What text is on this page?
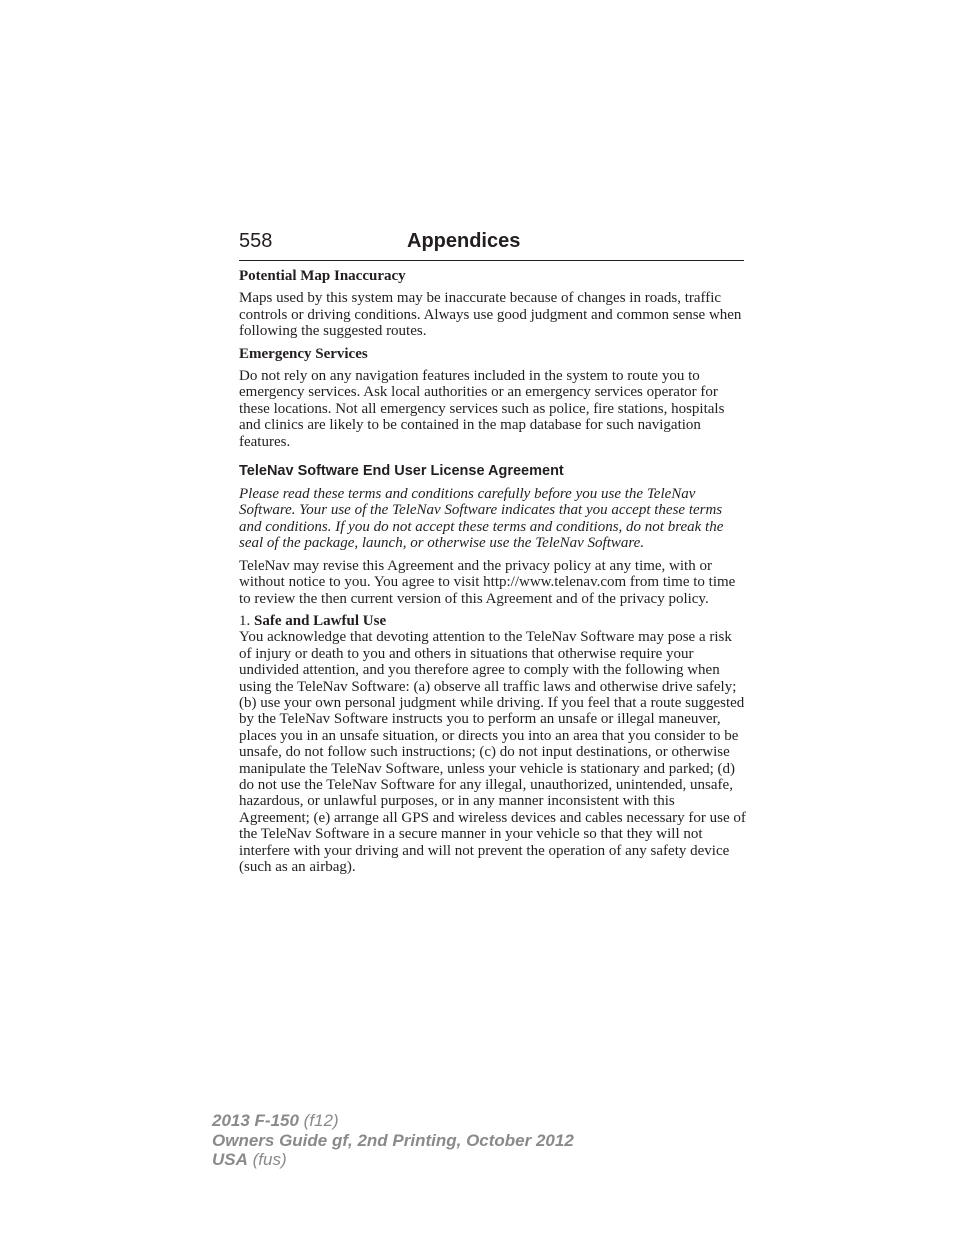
558	Appendices
Potential Map Inaccuracy

Maps used by this system may be inaccurate because of changes in roads, traffic controls or driving conditions. Always use good judgment and common sense when following the suggested routes.

Emergency Services

Do not rely on any navigation features included in the system to route you to emergency services. Ask local authorities or an emergency services operator for these locations. Not all emergency services such as police, fire stations, hospitals and clinics are likely to be contained in the map database for such navigation features.

TeleNav Software End User License Agreement

Please read these terms and conditions carefully before you use the TeleNav Software. Your use of the TeleNav Software indicates that you accept these terms and conditions. If you do not accept these terms and conditions, do not break the seal of the package, launch, or otherwise use the TeleNav Software.

TeleNav may revise this Agreement and the privacy policy at any time, with or without notice to you. You agree to visit http://www.telenav.com from time to time to review the then current version of this Agreement and of the privacy policy.

1. Safe and Lawful Use

You acknowledge that devoting attention to the TeleNav Software may pose a risk of injury or death to you and others in situations that otherwise require your undivided attention, and you therefore agree to comply with the following when using the TeleNav Software: (a) observe all traffic laws and otherwise drive safely; (b) use your own personal judgment while driving. If you feel that a route suggested by the TeleNav Software instructs you to perform an unsafe or illegal maneuver, places you in an unsafe situation, or directs you into an area that you consider to be unsafe, do not follow such instructions; (c) do not input destinations, or otherwise manipulate the TeleNav Software, unless your vehicle is stationary and parked; (d) do not use the TeleNav Software for any illegal, unauthorized, unintended, unsafe, hazardous, or unlawful purposes, or in any manner inconsistent with this Agreement; (e) arrange all GPS and wireless devices and cables necessary for use of the TeleNav Software in a secure manner in your vehicle so that they will not interfere with your driving and will not prevent the operation of any safety device (such as an airbag).

2013 F-150 (f12)
Owners Guide gf, 2nd Printing, October 2012
USA (fus)
